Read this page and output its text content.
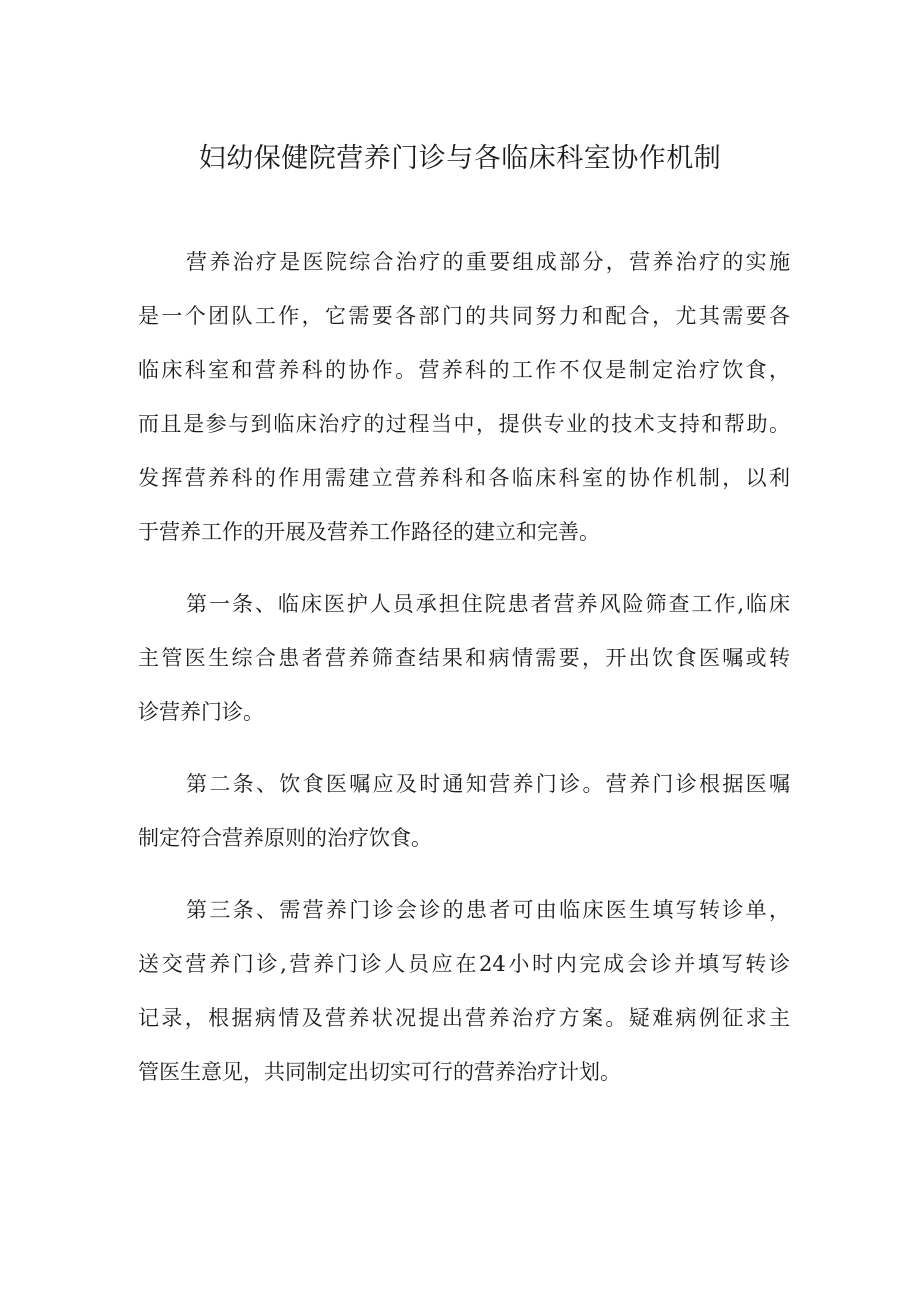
妇幼保健院营养门诊与各临床科室协作机制
营养治疗是医院综合治疗的重要组成部分，营养治疗的实施
是一个团队工作，它需要各部门的共同努力和配合，尤其需要各
临床科室和营养科的协作。营养科的工作不仅是制定治疗饮食，
而且是参与到临床治疗的过程当中，提供专业的技术支持和帮助。
发挥营养科的作用需建立营养科和各临床科室的协作机制，以利
于营养工作的开展及营养工作路径的建立和完善。
第一条、临床医护人员承担住院患者营养风险筛查工作,临床
主管医生综合患者营养筛查结果和病情需要，开出饮食医嘱或转
诊营养门诊。
第二条、饮食医嘱应及时通知营养门诊。营养门诊根据医嘱
制定符合营养原则的治疗饮食。
第三条、需营养门诊会诊的患者可由临床医生填写转诊单，
送交营养门诊,营养门诊人员应在24小时内完成会诊并填写转诊
记录，根据病情及营养状况提出营养治疗方案。疑难病例征求主
管医生意见，共同制定出切实可行的营养治疗计划。
